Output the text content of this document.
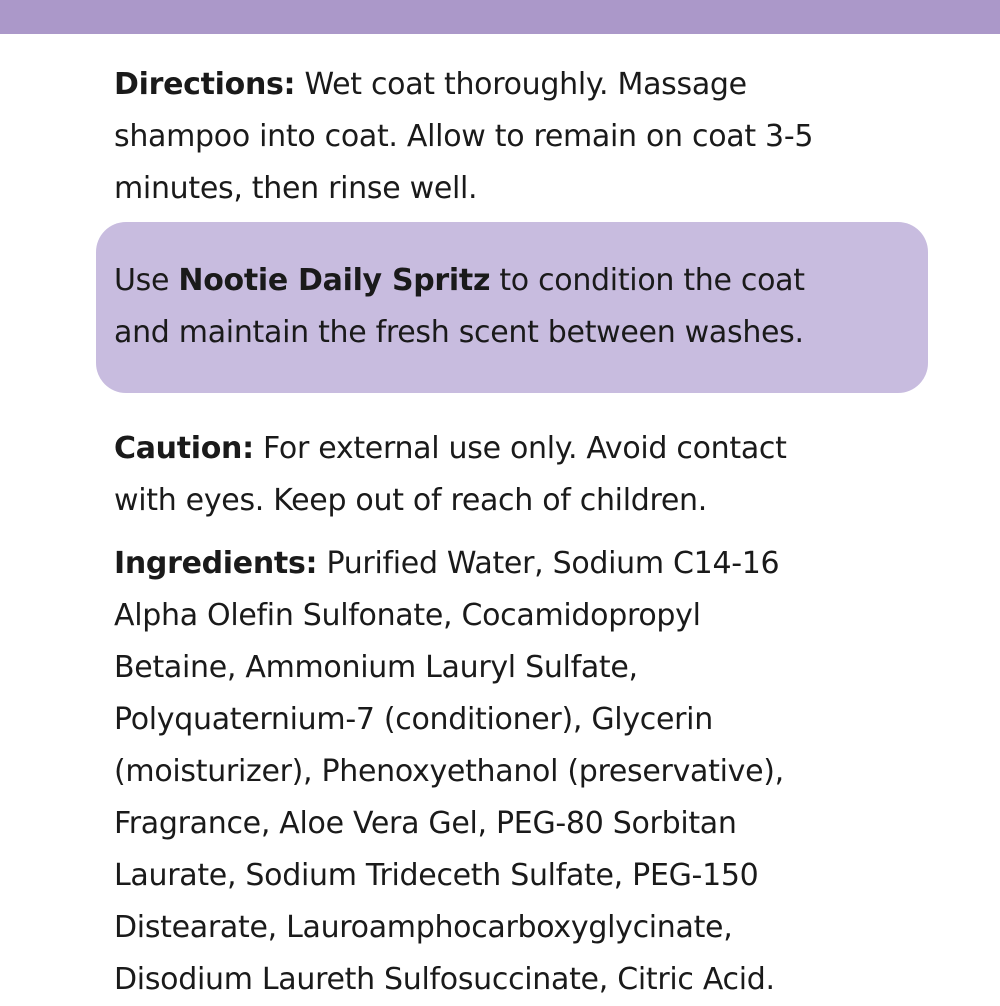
Directions: Wet coat thoroughly. Massage
shampoo into coat. Allow to remain on coat 3-5
minutes, then rinse well.

Use Nootie Daily Spritz to condition the coat
and maintain the fresh scent between washes.

Caution: For external use only. Avoid contact
with eyes. Keep out of reach of children.

Ingredients: Purified Water, Sodium C14-16
Alpha Olefin Sulfonate, Cocamidopropyl
Betaine, Ammonium Lauryl Sulfate,
Polyquaternium-7 (conditioner), Glycerin
(moisturizer), Phenoxyethanol (preservative),
Fragrance, Aloe Vera Gel, PEG-80 Sorbitan
Laurate, Sodium Trideceth Sulfate, PEG-150
Distearate, Lauroamphocarboxyglycinate,
Disodium Laureth Sulfosuccinate, Citric Acid.
